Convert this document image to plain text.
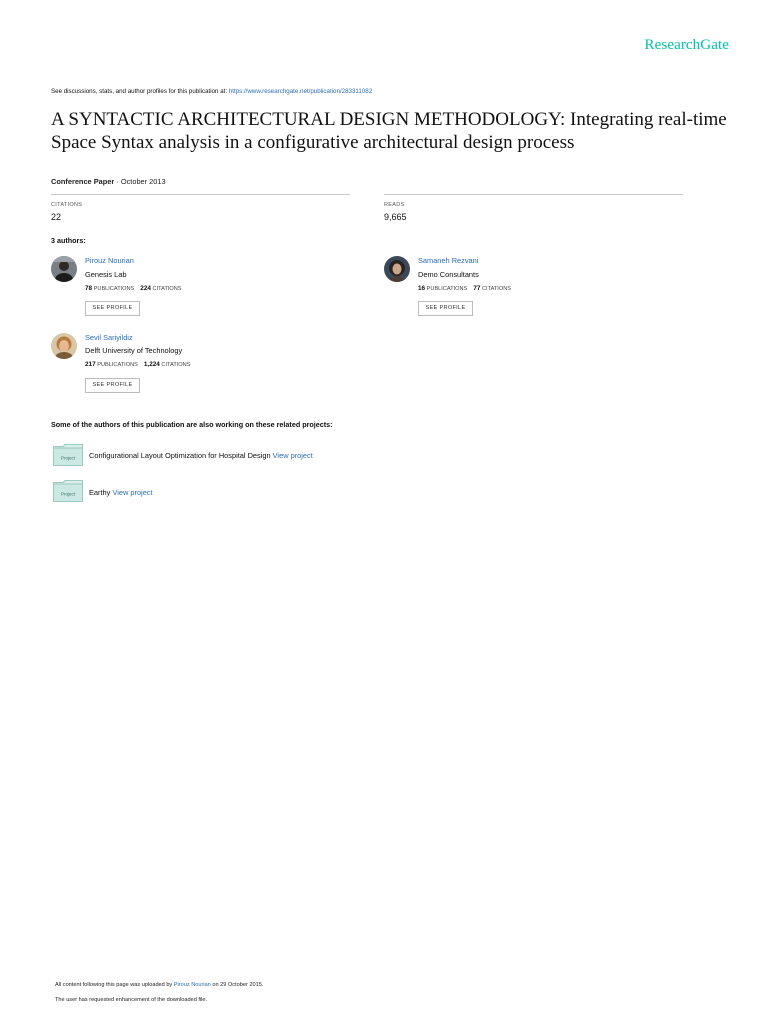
ResearchGate
See discussions, stats, and author profiles for this publication at: https://www.researchgate.net/publication/283311082
A SYNTACTIC ARCHITECTURAL DESIGN METHODOLOGY: Integrating real-time Space Syntax analysis in a configurative architectural design process
Conference Paper · October 2013
CITATIONS
22
READS
9,665
3 authors:
Pirouz Nourian
Genesis Lab
78 PUBLICATIONS 224 CITATIONS
SEE PROFILE
Samaneh Rezvani
Demo Consultants
16 PUBLICATIONS 77 CITATIONS
SEE PROFILE
Sevil Sariyildiz
Delft University of Technology
217 PUBLICATIONS 1,224 CITATIONS
SEE PROFILE
Some of the authors of this publication are also working on these related projects:
Project Configurational Layout Optimization for Hospital Design View project
Project Earthy View project
All content following this page was uploaded by Pirouz Nourian on 29 October 2015.
The user has requested enhancement of the downloaded file.
